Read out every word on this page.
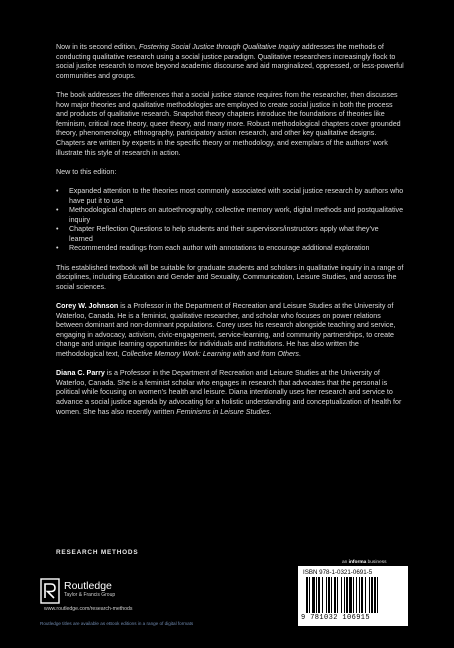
Now in its second edition, Fostering Social Justice through Qualitative Inquiry addresses the methods of conducting qualitative research using a social justice paradigm. Qualitative researchers increasingly flock to social justice research to move beyond academic discourse and aid marginalized, oppressed, or less-powerful communities and groups.

The book addresses the differences that a social justice stance requires from the researcher, then discusses how major theories and qualitative methodologies are employed to create social justice in both the process and products of qualitative research. Snapshot theory chapters introduce the foundations of theories like feminism, critical race theory, queer theory, and many more. Robust methodological chapters cover grounded theory, phenomenology, ethnography, participatory action research, and other key qualitative designs. Chapters are written by experts in the specific theory or methodology, and exemplars of the authors’ work illustrate this style of research in action.

New to this edition:

• Expanded attention to the theories most commonly associated with social justice research by authors who have put it to use
• Methodological chapters on autoethnography, collective memory work, digital methods and postqualitative inquiry
• Chapter Reflection Questions to help students and their supervisors/instructors apply what they’ve learned
• Recommended readings from each author with annotations to encourage additional exploration

This established textbook will be suitable for graduate students and scholars in qualitative inquiry in a range of disciplines, including Education and Gender and Sexuality, Communication, Leisure Studies, and across the social sciences.

Corey W. Johnson is a Professor in the Department of Recreation and Leisure Studies at the University of Waterloo, Canada. He is a feminist, qualitative researcher, and scholar who focuses on power relations between dominant and non-dominant populations. Corey uses his research alongside teaching and service, engaging in advocacy, activism, civic-engagement, service-learning, and community partnerships, to create change and unique learning opportunities for individuals and institutions. He has also written the methodological text, Collective Memory Work: Learning with and from Others.

Diana C. Parry is a Professor in the Department of Recreation and Leisure Studies at the University of Waterloo, Canada. She is a feminist scholar who engages in research that advocates that the personal is political while focusing on women’s health and leisure. Diana intentionally uses her research and service to advance a social justice agenda by advocating for a holistic understanding and conceptualization of health for women. She has also recently written Feminisms in Leisure Studies.

RESEARCH METHODS
Routledge
Taylor & Francis Group
www.routledge.com/research-methods
Routledge titles are available as eBook editions in a range of digital formats
an informa business
ISBN 978-1-0321-0691-5
9 781032 106915
